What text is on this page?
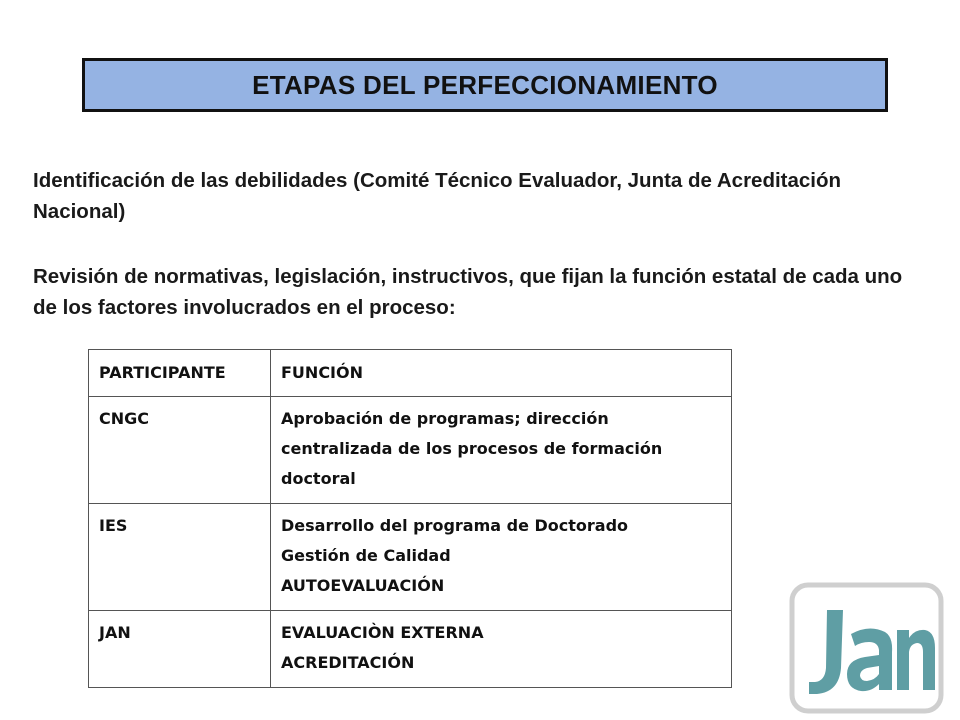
ETAPAS DEL PERFECCIONAMIENTO

Identificación de las debilidades (Comité Técnico Evaluador, Junta de Acreditación Nacional)

Revisión de normativas, legislación, instructivos, que fijan la función estatal de cada uno de los factores involucrados en el proceso:

PARTICIPANTE	FUNCIÓN
CNGC	Aprobación de programas; dirección centralizada de los procesos de formación doctoral

IES	Desarrollo del programa de Doctorado
Gestión de Calidad
AUTOEVALUACIÓN

JAN	EVALUACIÒN EXTERNA
ACREDITACIÓN
